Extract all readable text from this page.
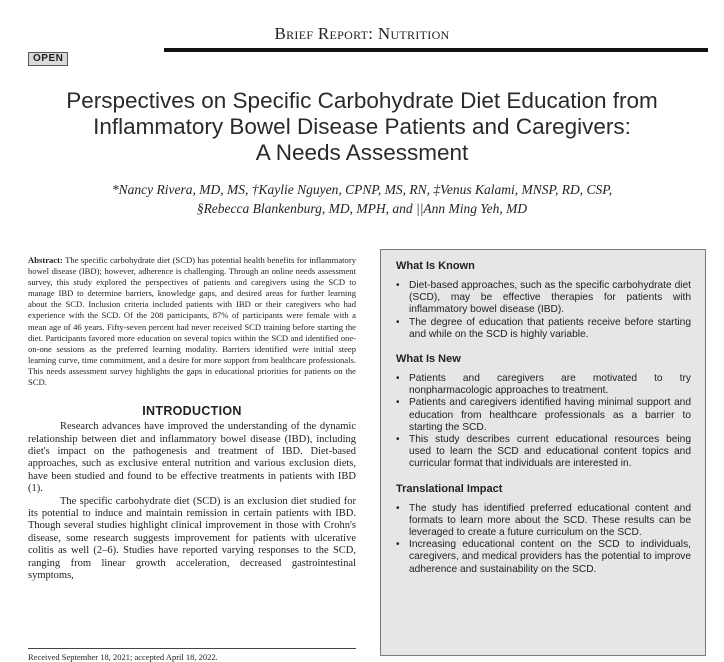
Brief Report: Nutrition
OPEN
Perspectives on Specific Carbohydrate Diet Education from
Inflammatory Bowel Disease Patients and Caregivers:
A Needs Assessment
*Nancy Rivera, MD, MS, †Kaylie Nguyen, CPNP, MS, RN, ‡Venus Kalami, MNSP, RD, CSP,
§Rebecca Blankenburg, MD, MPH, and ||Ann Ming Yeh, MD

Abstract: The specific carbohydrate diet (SCD) has potential health benefits for inflammatory bowel disease (IBD); however, adherence is challenging. Through an online needs assessment survey, this study explored the perspectives of patients and caregivers using the SCD to manage IBD to determine barriers, knowledge gaps, and desired areas for further learning about the SCD. Inclusion criteria included patients with IBD or their caregivers who had experience with the SCD. Of the 208 participants, 87% of participants were female with a mean age of 46 years. Fifty-seven percent had never received SCD training before starting the diet. Participants favored more education on several topics within the SCD and identified one-on-one sessions as the preferred learning modality. Barriers identified were initial steep learning curve, time commitment, and a desire for more support from healthcare professionals. This needs assessment survey highlights the gaps in educational priorities for patients on the SCD.

INTRODUCTION

Research advances have improved the understanding of the dynamic relationship between diet and inflammatory bowel disease (IBD), including diet's impact on the pathogenesis and treatment of IBD. Diet-based approaches, such as exclusive enteral nutrition and various exclusion diets, have been studied and found to be effective treatments in patients with IBD (1).

The specific carbohydrate diet (SCD) is an exclusion diet studied for its potential to induce and maintain remission in certain patients with IBD. Though several studies highlight clinical improvement in those with Crohn's disease, some research suggests improvement for patients with ulcerative colitis as well (2–6). Studies have reported varying responses to the SCD, ranging from linear growth acceleration, decreased gastrointestinal symptoms,

Received September 18, 2021; accepted April 18, 2022.
What Is Known
• Diet-based approaches, such as the specific carbohydrate diet (SCD), may be effective therapies for patients with inflammatory bowel disease (IBD).
• The degree of education that patients receive before starting and while on the SCD is highly variable.
What Is New
• Patients and caregivers are motivated to try nonpharmacologic approaches to treatment.
• Patients and caregivers identified having minimal support and education from healthcare professionals as a barrier to starting the SCD.
• This study describes current educational resources being used to learn the SCD and educational content topics and curricular format that individuals are interested in.
Translational Impact
• The study has identified preferred educational content and formats to learn more about the SCD. These results can be leveraged to create a future curriculum on the SCD.
• Increasing educational content on the SCD to individuals, caregivers, and medical providers has the potential to improve adherence and sustainability on the SCD.
